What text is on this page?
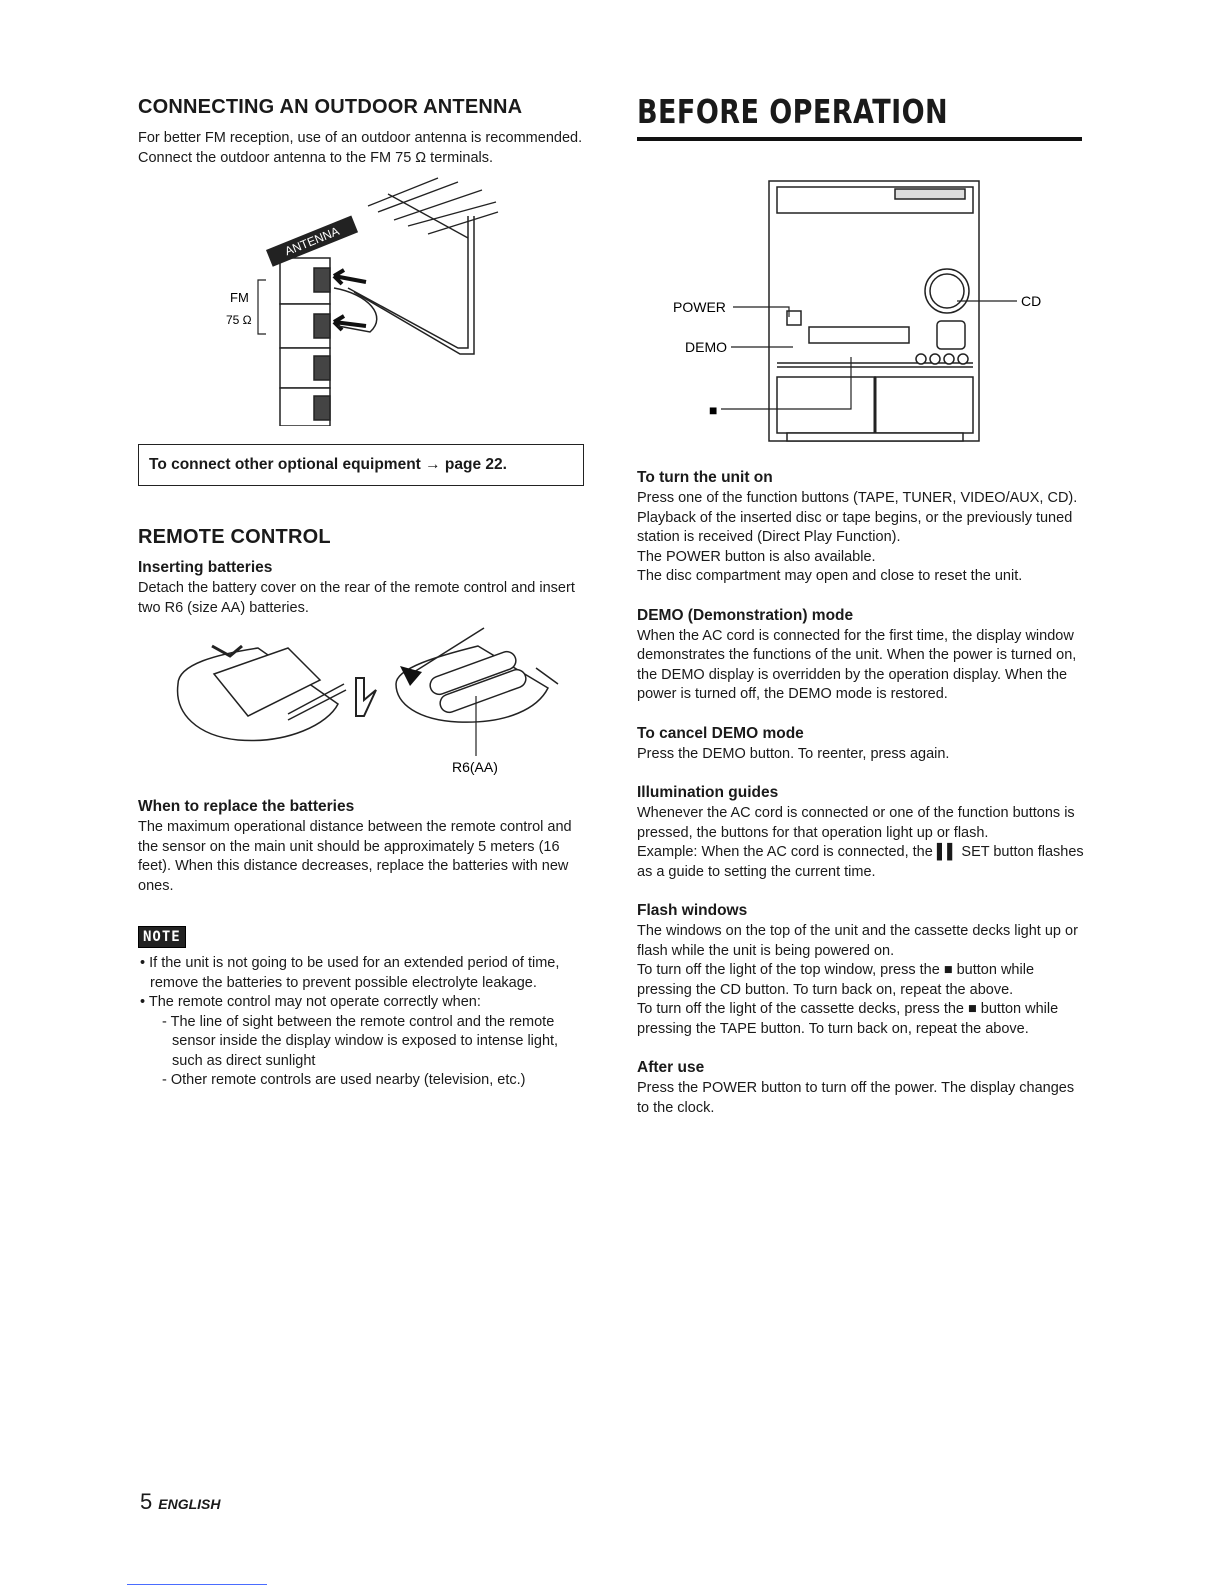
CONNECTING AN OUTDOOR ANTENNA

For better FM reception, use of an outdoor antenna is recommended.

Connect the outdoor antenna to the FM 75 Ω terminals.

ANTENNA
FM
75 Ω
To connect other optional equipment → page 22.
REMOTE CONTROL
Inserting batteries

Detach the battery cover on the rear of the remote control and insert two R6 (size AA) batteries.

R6(AA)
When to replace the batteries

The maximum operational distance between the remote control and the sensor on the main unit should be approximately 5 meters (16 feet). When this distance decreases, replace the batteries with new ones.

NOTE
• If the unit is not going to be used for an extended period of time, remove the batteries to prevent possible electrolyte leakage.
• The remote control may not operate correctly when:
- The line of sight between the remote control and the remote sensor inside the display window is exposed to intense light, such as direct sunlight
- Other remote controls are used nearby (television, etc.)
BEFORE OPERATION
POWER
DEMO
■
CD
To turn the unit on

Press one of the function buttons (TAPE, TUNER, VIDEO/AUX, CD).

Playback of the inserted disc or tape begins, or the previously tuned station is received (Direct Play Function).

The POWER button is also available.

The disc compartment may open and close to reset the unit.

DEMO (Demonstration) mode

When the AC cord is connected for the first time, the display window demonstrates the functions of the unit. When the power is turned on, the DEMO display is overridden by the operation display. When the power is turned off, the DEMO mode is restored.

To cancel DEMO mode

Press the DEMO button. To reenter, press again.

Illumination guides

Whenever the AC cord is connected or one of the function buttons is pressed, the buttons for that operation light up or flash.

Example: When the AC cord is connected, the ▌▌ SET button flashes as a guide to setting the current time.

Flash windows

The windows on the top of the unit and the cassette decks light up or flash while the unit is being powered on.

To turn off the light of the top window, press the ■ button while pressing the CD button. To turn back on, repeat the above.

To turn off the light of the cassette decks, press the ■ button while pressing the TAPE button. To turn back on, repeat the above.

After use

Press the POWER button to turn off the power. The display changes to the clock.

5 ENGLISH
